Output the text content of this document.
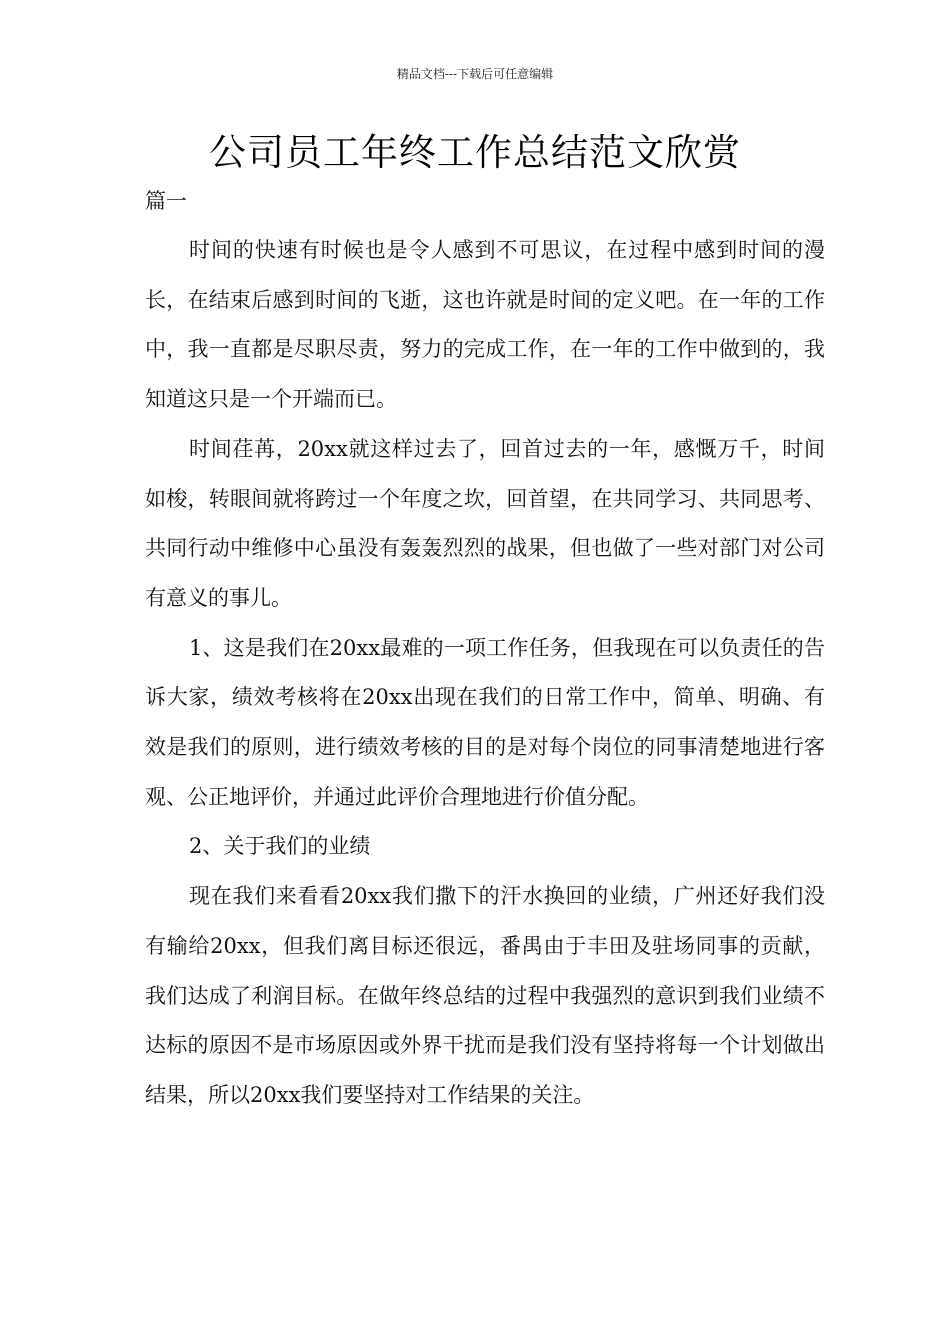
精品文档---下载后可任意编辑
公司员工年终工作总结范文欣赏
篇一

时间的快速有时候也是令人感到不可思议，在过程中感到时间的漫长，在结束后感到时间的飞逝，这也许就是时间的定义吧。在一年的工作中，我一直都是尽职尽责，努力的完成工作，在一年的工作中做到的，我知道这只是一个开端而已。

时间荏苒，20xx就这样过去了，回首过去的一年，感慨万千，时间如梭，转眼间就将跨过一个年度之坎，回首望，在共同学习、共同思考、共同行动中维修中心虽没有轰轰烈烈的战果，但也做了一些对部门对公司有意义的事儿。

1、这是我们在20xx最难的一项工作任务，但我现在可以负责任的告诉大家，绩效考核将在20xx出现在我们的日常工作中，简单、明确、有效是我们的原则，进行绩效考核的目的是对每个岗位的同事清楚地进行客观、公正地评价，并通过此评价合理地进行价值分配。

2、关于我们的业绩

现在我们来看看20xx我们撒下的汗水换回的业绩，广州还好我们没有输给20xx，但我们离目标还很远，番禺由于丰田及驻场同事的贡献，我们达成了利润目标。在做年终总结的过程中我强烈的意识到我们业绩不达标的原因不是市场原因或外界干扰而是我们没有坚持将每一个计划做出结果，所以20xx我们要坚持对工作结果的关注。
